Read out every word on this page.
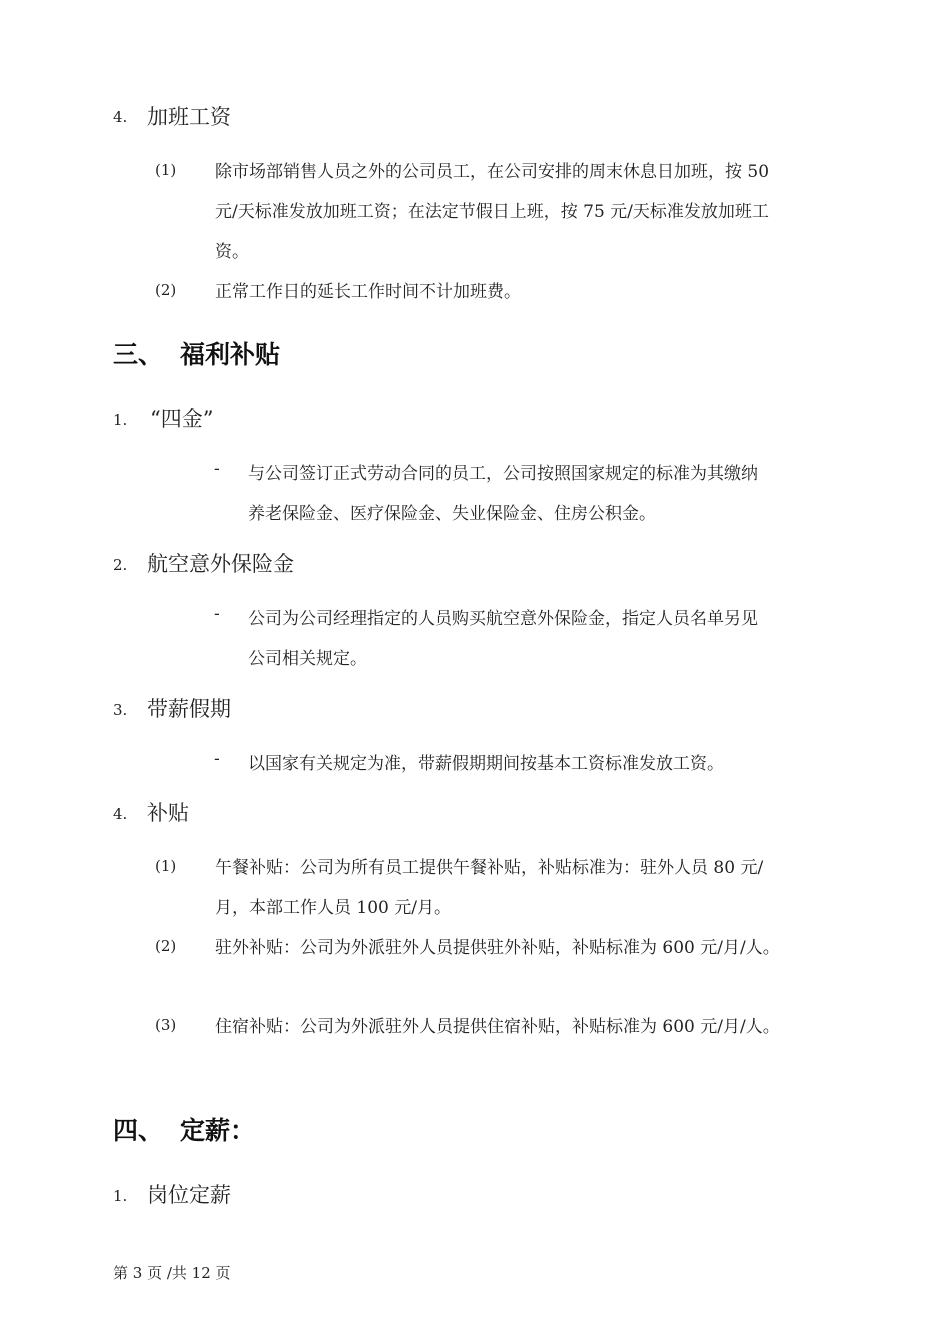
4. 加班工资
(1) 除市场部销售人员之外的公司员工，在公司安排的周末休息日加班，按 50
元/天标准发放加班工资；在法定节假日上班，按 75 元/天标准发放加班工
资。
(2) 正常工作日的延长工作时间不计加班费。
三、 福利补贴
1. “四金”
- 与公司签订正式劳动合同的员工，公司按照国家规定的标准为其缴纳
养老保险金、医疗保险金、失业保险金、住房公积金。
2. 航空意外保险金
- 公司为公司经理指定的人员购买航空意外保险金，指定人员名单另见
公司相关规定。
3. 带薪假期
- 以国家有关规定为准，带薪假期期间按基本工资标准发放工资。
4. 补贴
(1) 午餐补贴：公司为所有员工提供午餐补贴，补贴标准为：驻外人员 80 元/
月，本部工作人员 100 元/月。
(2) 驻外补贴：公司为外派驻外人员提供驻外补贴，补贴标准为 600 元/月/人。
(3) 住宿补贴：公司为外派驻外人员提供住宿补贴，补贴标准为 600 元/月/人。
四、 定薪：
1. 岗位定薪
第 3 页 /共 12 页
